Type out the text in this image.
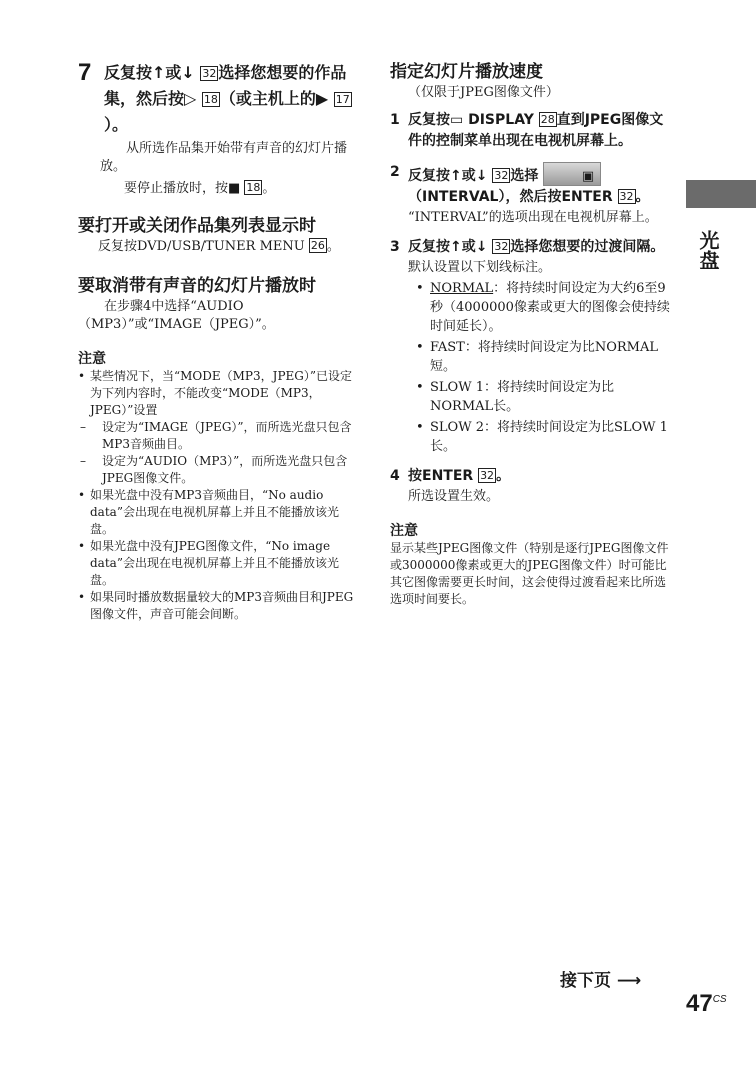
光盘
7 反复按↑或↓ 32 选择您想要的作品集，然后按▷ 18 （或主机上的▶ 17）。
从所选作品集开始带有声音的幻灯片播放。
要停止播放时，按■ 18 。
要打开或关闭作品集列表显示时
反复按DVD/USB/TUNER MENU 26 。
要取消带有声音的幻灯片播放时
在步骤4中选择“AUDIO（MP3）”或“IMAGE（JPEG）”。
注意
• 某些情况下，当“MODE（MP3，JPEG）”已设定为下列内容时，不能改变“MODE（MP3，JPEG）”设置
–	设定为“IMAGE（JPEG）”，而所选光盘只包含MP3音频曲目。
–	设定为“AUDIO（MP3）”，而所选光盘只包含JPEG图像文件。
• 如果光盘中没有MP3音频曲目，“No audio data”会出现在电视机屏幕上并且不能播放该光盘。
• 如果光盘中没有JPEG图像文件，“No image data”会出现在电视机屏幕上并且不能播放该光盘。
• 如果同时播放数据量较大的MP3音频曲目和JPEG图像文件，声音可能会间断。
指定幻灯片播放速度
（仅限于JPEG图像文件）
1 反复按▭ DISPLAY 28 直到JPEG图像文件的控制菜单出现在电视机屏幕上。
2 反复按↑或↓ 32 选择	▣
（INTERVAL），然后按ENTER 32 。
“INTERVAL”的选项出现在电视机屏幕上。
3 反复按↑或↓ 32 选择您想要的过渡间隔。
默认设置以下划线标注。
• NORMAL：将持续时间设定为大约6至9秒（4000000像素或更大的图像会使持续时间延长）。
• FAST：将持续时间设定为比NORMAL短。
• SLOW 1：将持续时间设定为比NORMAL长。
• SLOW 2：将持续时间设定为比SLOW 1长。
4 按ENTER 32 。
所选设置生效。
注意
显示某些JPEG图像文件（特别是逐行JPEG图像文件或3000000像素或更大的JPEG图像文件）时可能比其它图像需要更长时间，这会使得过渡看起来比所选选项时间要长。
接下页 ⟶
$47^{CS}$
